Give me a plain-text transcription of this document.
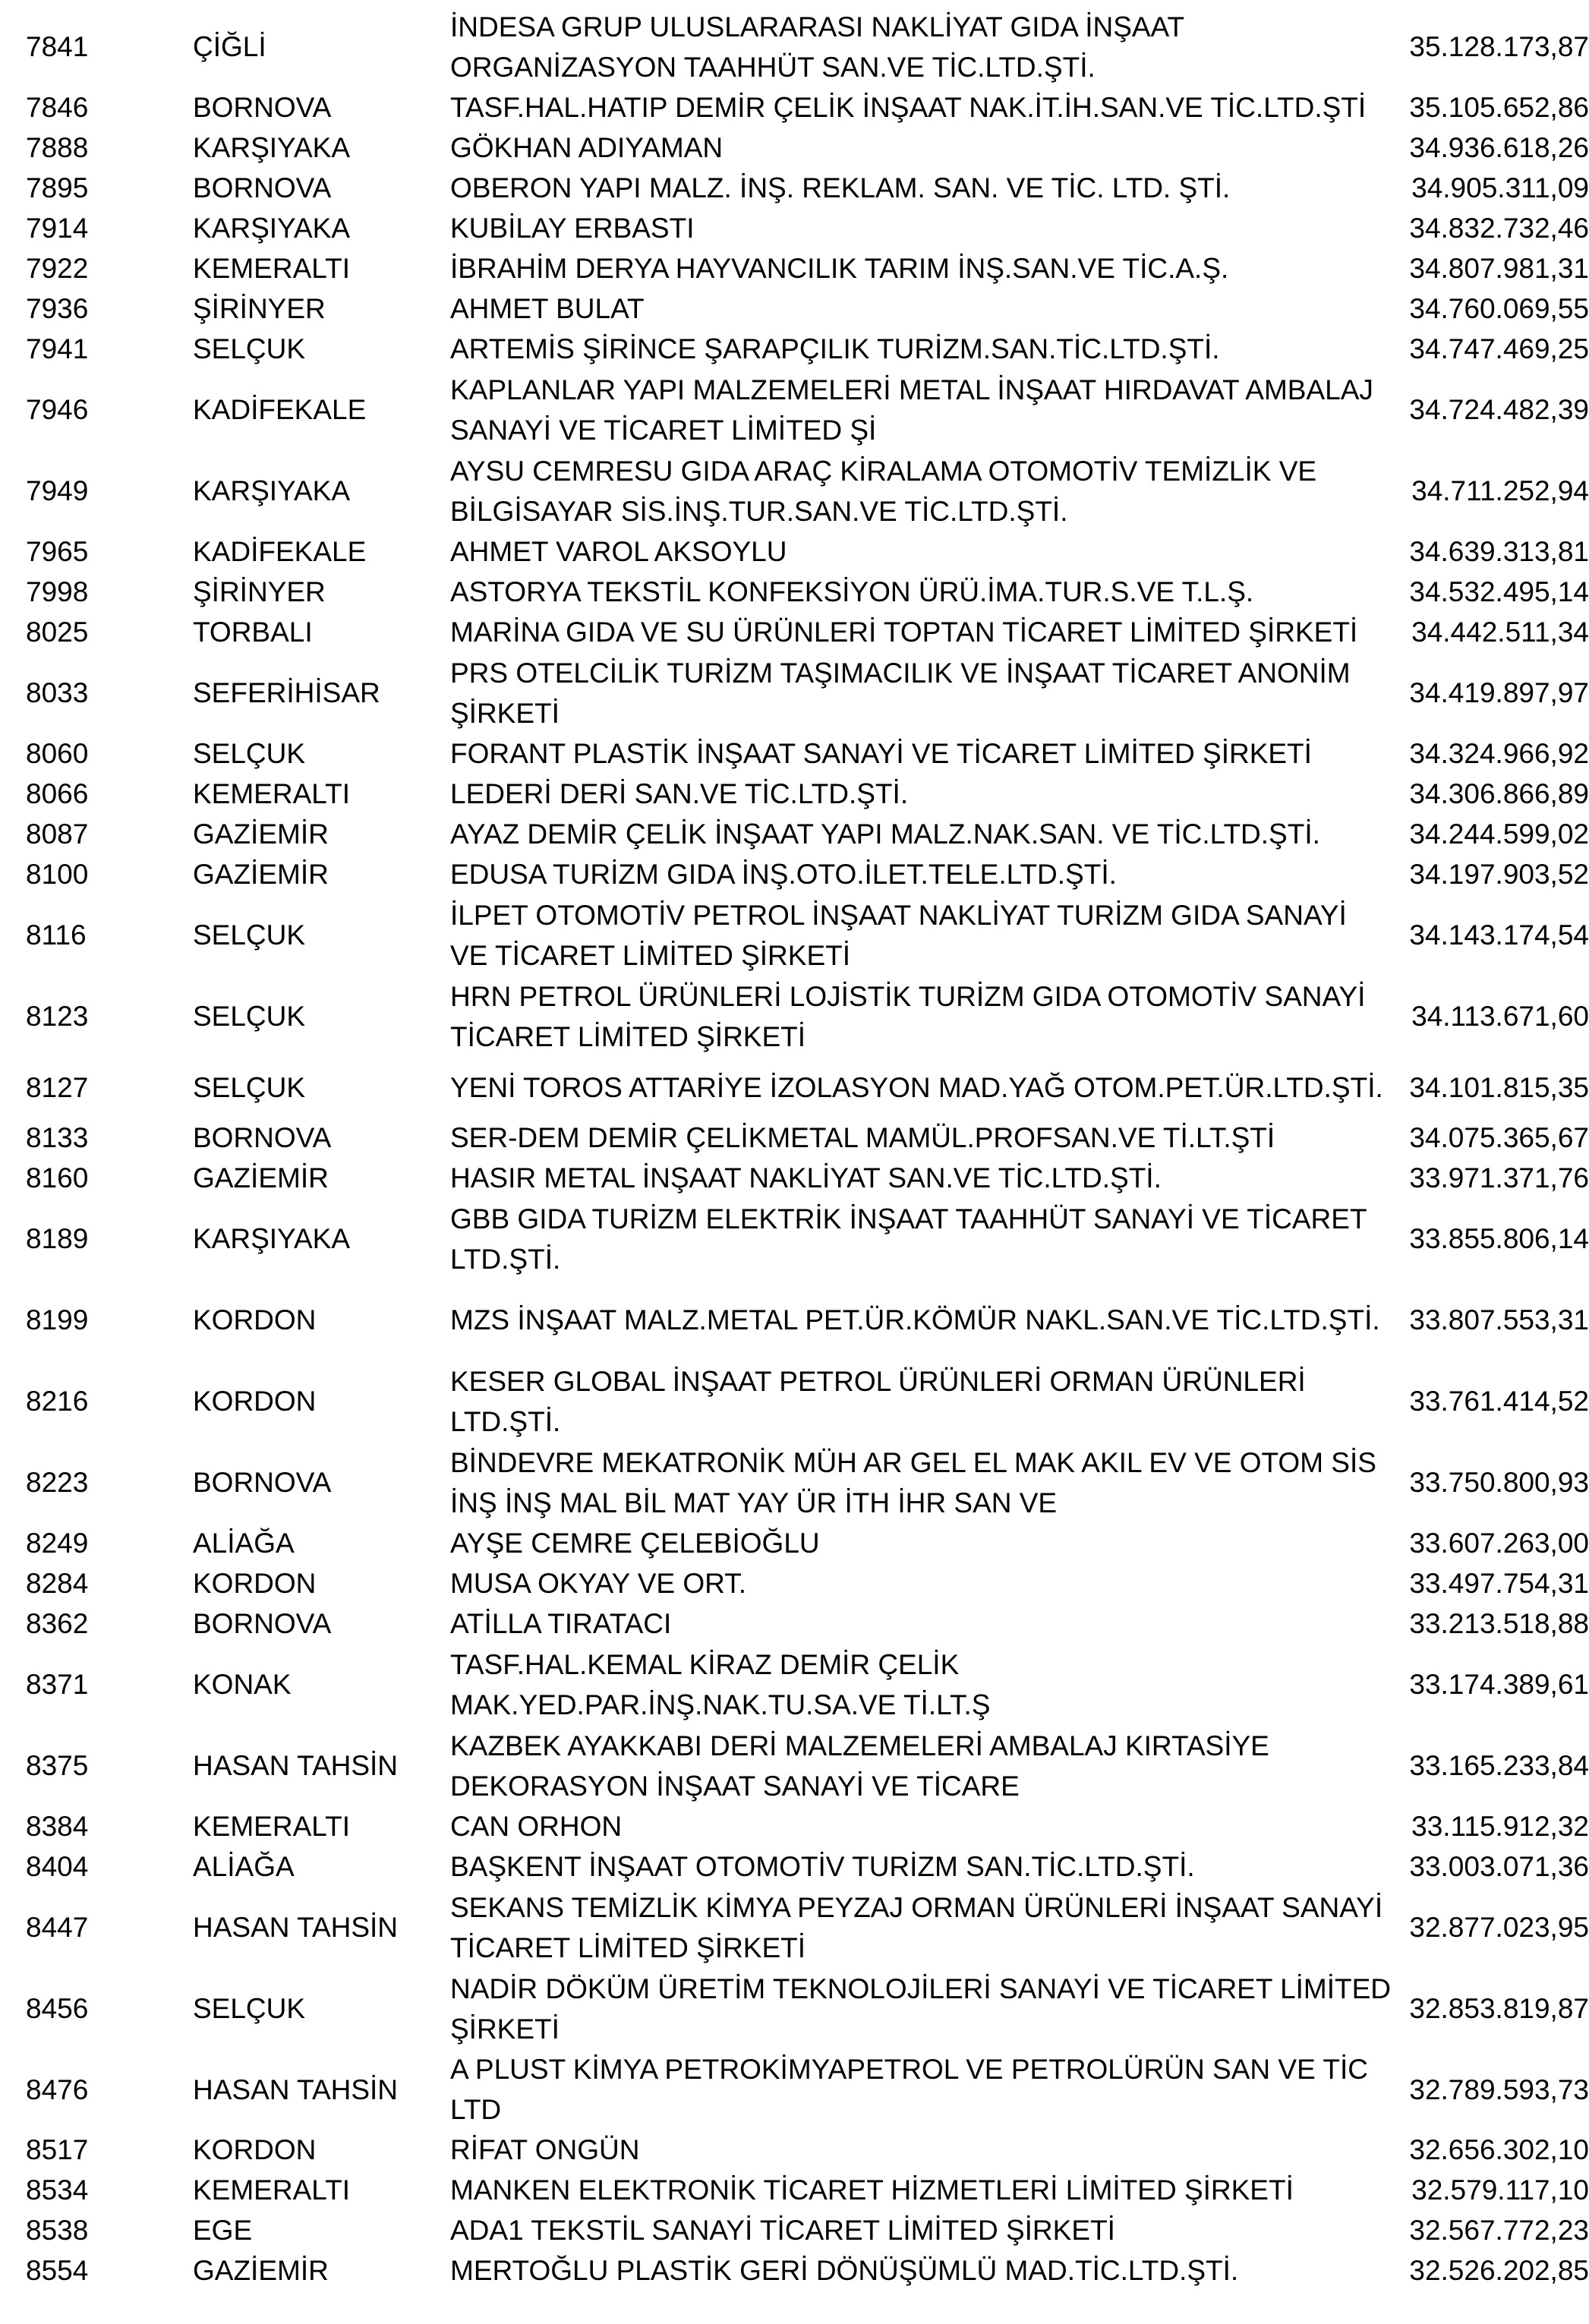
7841	ÇİĞLİ	İNDESA GRUP ULUSLARARASI NAKLİYAT GIDA İNŞAAT ORGANİZASYON TAAHHÜT SAN.VE TİC.LTD.ŞTİ.	35.128.173,87
7846	BORNOVA	TASF.HAL.HATIP DEMİR ÇELİK İNŞAAT NAK.İT.İH.SAN.VE TİC.LTD.ŞTİ	35.105.652,86
7888	KARŞIYAKA	GÖKHAN ADIYAMAN	34.936.618,26
7895	BORNOVA	OBERON YAPI MALZ. İNŞ. REKLAM. SAN. VE TİC. LTD. ŞTİ.	34.905.311,09
7914	KARŞIYAKA	KUBİLAY ERBASTI	34.832.732,46
7922	KEMERALTI	İBRAHİM DERYA HAYVANCILIK TARIM İNŞ.SAN.VE TİC.A.Ş.	34.807.981,31
7936	ŞİRİNYER	AHMET BULAT	34.760.069,55
7941	SELÇUK	ARTEMİS ŞİRİNCE ŞARAPÇILIK TURİZM.SAN.TİC.LTD.ŞTİ.	34.747.469,25
7946	KADİFEKALE	KAPLANLAR YAPI MALZEMELERİ METAL İNŞAAT HIRDAVAT AMBALAJ SANAYİ VE TİCARET LİMİTED Şİ	34.724.482,39
7949	KARŞIYAKA	AYSU CEMRESU GIDA ARAÇ KİRALAMA OTOMOTİV TEMİZLİK VE BİLGİSAYAR SİS.İNŞ.TUR.SAN.VE TİC.LTD.ŞTİ.	34.711.252,94
7965	KADİFEKALE	AHMET VAROL AKSOYLU	34.639.313,81
7998	ŞİRİNYER	ASTORYA TEKSTİL KONFEKSİYON ÜRÜ.İMA.TUR.S.VE T.L.Ş.	34.532.495,14
8025	TORBALI	MARİNA GIDA VE SU ÜRÜNLERİ TOPTAN TİCARET LİMİTED ŞİRKETİ	34.442.511,34
8033	SEFERİHİSAR	PRS OTELCİLİK TURİZM TAŞIMACILIK VE İNŞAAT TİCARET ANONİM ŞİRKETİ	34.419.897,97
8060	SELÇUK	FORANT PLASTİK İNŞAAT SANAYİ VE TİCARET LİMİTED ŞİRKETİ	34.324.966,92
8066	KEMERALTI	LEDERİ DERİ SAN.VE TİC.LTD.ŞTİ.	34.306.866,89
8087	GAZİEMİR	AYAZ DEMİR ÇELİK İNŞAAT YAPI MALZ.NAK.SAN. VE TİC.LTD.ŞTİ.	34.244.599,02
8100	GAZİEMİR	EDUSA TURİZM GIDA İNŞ.OTO.İLET.TELE.LTD.ŞTİ.	34.197.903,52
8116	SELÇUK	İLPET OTOMOTİV PETROL İNŞAAT NAKLİYAT TURİZM GIDA SANAYİ VE TİCARET LİMİTED ŞİRKETİ	34.143.174,54
8123	SELÇUK	HRN PETROL ÜRÜNLERİ LOJİSTİK TURİZM GIDA OTOMOTİV SANAYİ TİCARET LİMİTED ŞİRKETİ	34.113.671,60
8127	SELÇUK	YENİ TOROS ATTARİYE İZOLASYON MAD.YAĞ OTOM.PET.ÜR.LTD.ŞTİ.	34.101.815,35
8133	BORNOVA	SER-DEM DEMİR ÇELİKMETAL MAMÜL.PROFSAN.VE Tİ.LT.ŞTİ	34.075.365,67
8160	GAZİEMİR	HASIR METAL İNŞAAT NAKLİYAT SAN.VE TİC.LTD.ŞTİ.	33.971.371,76
8189	KARŞIYAKA	GBB GIDA TURİZM ELEKTRİK İNŞAAT TAAHHÜT SANAYİ VE TİCARET LTD.ŞTİ.	33.855.806,14
8199	KORDON	MZS İNŞAAT MALZ.METAL PET.ÜR.KÖMÜR NAKL.SAN.VE TİC.LTD.ŞTİ.	33.807.553,31
8216	KORDON	KESER GLOBAL İNŞAAT PETROL ÜRÜNLERİ ORMAN ÜRÜNLERİ LTD.ŞTİ.	33.761.414,52
8223	BORNOVA	BİNDEVRE MEKATRONİK MÜH AR GEL EL MAK AKIL EV VE OTOM SİS İNŞ İNŞ MAL BİL MAT YAY ÜR İTH İHR SAN VE	33.750.800,93
8249	ALİAĞA	AYŞE CEMRE ÇELEBİOĞLU	33.607.263,00
8284	KORDON	MUSA OKYAY VE ORT.	33.497.754,31
8362	BORNOVA	ATİLLA TIRATACI	33.213.518,88
8371	KONAK	TASF.HAL.KEMAL KİRAZ DEMİR ÇELİK MAK.YED.PAR.İNŞ.NAK.TU.SA.VE Tİ.LT.Ş	33.174.389,61
8375	HASAN TAHSİN	KAZBEK AYAKKABI DERİ MALZEMELERİ AMBALAJ KIRTASİYE DEKORASYON İNŞAAT SANAYİ VE TİCARE	33.165.233,84
8384	KEMERALTI	CAN ORHON	33.115.912,32
8404	ALİAĞA	BAŞKENT İNŞAAT OTOMOTİV TURİZM SAN.TİC.LTD.ŞTİ.	33.003.071,36
8447	HASAN TAHSİN	SEKANS TEMİZLİK KİMYA PEYZAJ ORMAN ÜRÜNLERİ İNŞAAT SANAYİ TİCARET LİMİTED ŞİRKETİ	32.877.023,95
8456	SELÇUK	NADİR DÖKÜM ÜRETİM TEKNOLOJİLERİ SANAYİ VE TİCARET LİMİTED ŞİRKETİ	32.853.819,87
8476	HASAN TAHSİN	A PLUST KİMYA PETROKİMYAPETROL VE PETROLÜRÜN SAN VE TİC LTD	32.789.593,73
8517	KORDON	RİFAT ONGÜN	32.656.302,10
8534	KEMERALTI	MANKEN ELEKTRONİK TİCARET HİZMETLERİ LİMİTED ŞİRKETİ	32.579.117,10
8538	EGE	ADA1 TEKSTİL SANAYİ TİCARET LİMİTED ŞİRKETİ	32.567.772,23
8554	GAZİEMİR	MERTOĞLU PLASTİK GERİ DÖNÜŞÜMLÜ MAD.TİC.LTD.ŞTİ.	32.526.202,85
